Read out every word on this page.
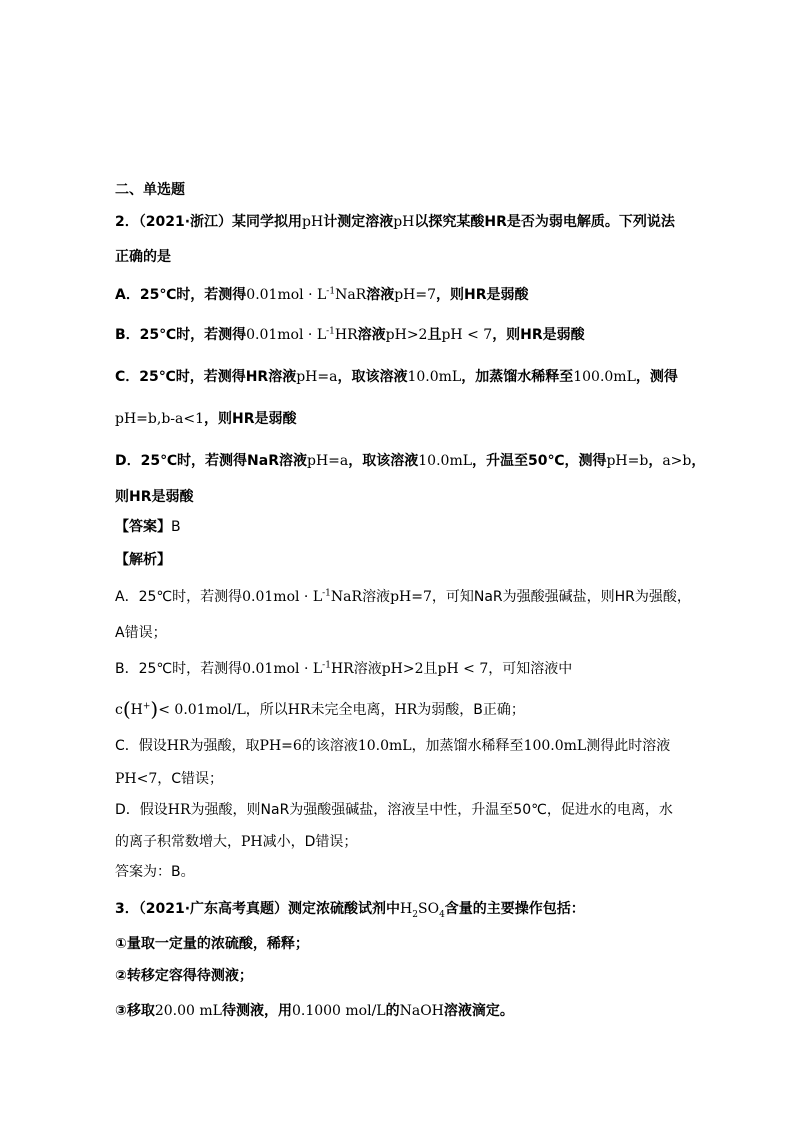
二、单选题
2．（2021·浙江）某同学拟用pH计测定溶液pH以探究某酸HR是否为弱电解质。下列说法
正确的是
A．25℃时，若测得$0.01mol \cdot L^{-1}NaR$溶液pH=7，则HR是弱酸
B．25℃时，若测得$0.01mol \cdot L^{-1}HR$溶液pH>2且pH < 7，则HR是弱酸
C．25℃时，若测得HR溶液pH=a，取该溶液10.0mL，加蒸馏水稀释至100.0mL，测得
pH=b,b-a<1，则HR是弱酸
D．25℃时，若测得NaR溶液pH=a，取该溶液10.0mL，升温至50℃，测得pH=b，a>b，
则HR是弱酸
【答案】B
【解析】
A．25℃时，若测得$0.01mol \cdot L^{-1}NaR$溶液pH=7，可知NaR为强酸强碱盐，则HR为强酸，
A错误；
B．25℃时，若测得$0.01mol \cdot L^{-1}HR$溶液pH>2且pH < 7，可知溶液中
c(H+)< 0.01mol/L，所以HR未完全电离，HR为弱酸，B正确；
C．假设HR为强酸，取PH=6的该溶液10.0mL，加蒸馏水稀释至100.0mL测得此时溶液
PH<7，C错误；
D．假设HR为强酸，则NaR为强酸强碱盐，溶液呈中性，升温至50℃，促进水的电离，水
的离子积常数增大，PH减小，D错误；
答案为：B。
3．（2021·广东高考真题）测定浓硫酸试剂中$H_2SO_4$含量的主要操作包括：
①量取一定量的浓硫酸，稀释；
②转移定容得待测液；
③移取20.00 mL待测液，用0.1000 mol/L的NaOH溶液滴定。
